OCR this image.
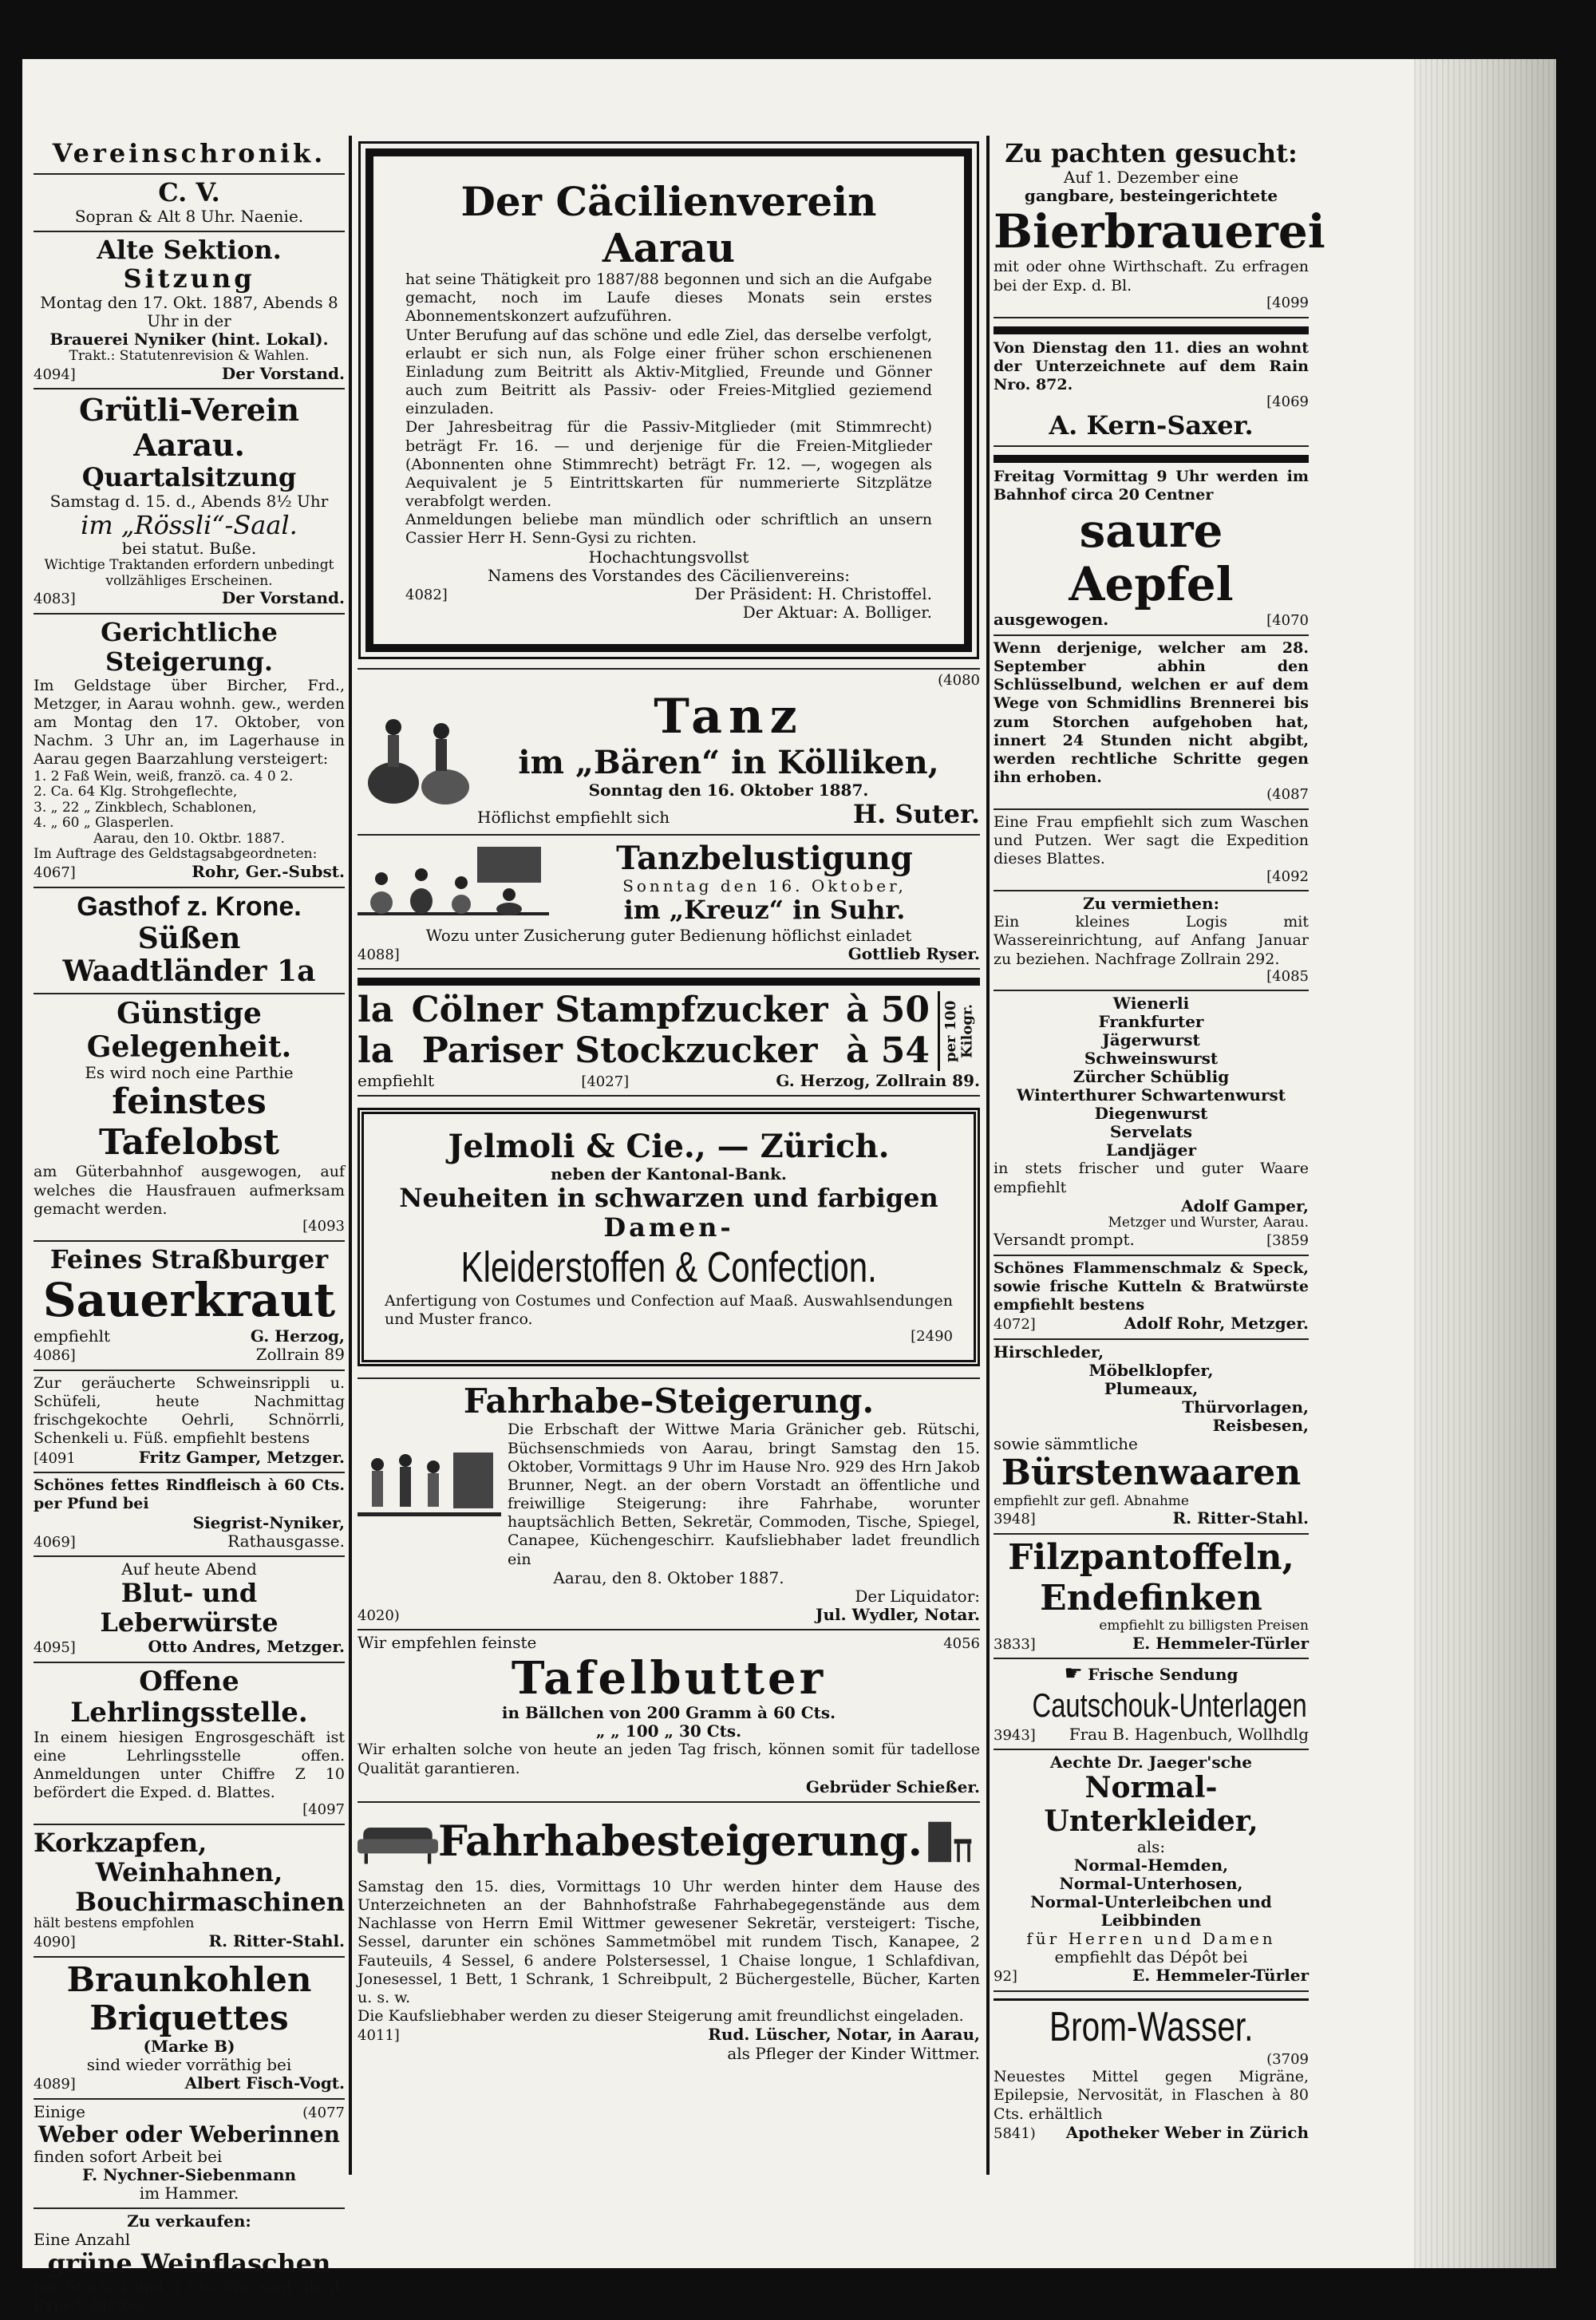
Vereinschronik.
C. V.
Sopran & Alt 8 Uhr. Naenie.
Alte Sektion.
Sitzung
Montag den 17. Okt. 1887, Abends 8 Uhr in der
Brauerei Nyniker (hint. Lokal).
Trakt.: Statutenrevision & Wahlen.
4094]	Der Vorstand.
Grütli-Verein Aarau.
Quartalsitzung
Samstag d. 15. d., Abends 8½ Uhr
im „Rössli“-Saal.
bei statut. Buße.
Wichtige Traktanden erfordern unbedingt vollzähliges Erscheinen.
4083]	Der Vorstand.
Gerichtliche Steigerung.
Im Geldstage über Bircher, Frd., Metzger, in Aarau wohnh. gew., werden am Montag den 17. Oktober, von Nachm. 3 Uhr an, im Lagerhause in Aarau gegen Baarzahlung versteigert:
1. 2 Faß Wein, weiß, franzö. ca. 4 0 2.
2. Ca. 64 Klg. Strohgeflechte,
3. „ 22 „ Zinkblech, Schablonen,
4. „ 60 „ Glasperlen.
Aarau, den 10. Oktbr. 1887.
Im Auftrage des Geldstagsabgeordneten:
4067]	Rohr, Ger.-Subst.
Gasthof z. Krone.
Süßen Waadtländer 1a
Günstige Gelegenheit.
Es wird noch eine Parthie
feinstes Tafelobst
am Güterbahnhof ausgewogen, auf welches die Hausfrauen aufmerksam gemacht werden.
[4093
Feines Straßburger
Sauerkraut
empfiehlt	G. Herzog,
4086]	Zollrain 89
Zur geräucherte Schweinsrippli u. Schüfeli, heute Nachmittag frischgekochte Oehrli, Schnörrli, Schenkeli u. Füß. empfiehlt bestens
[4091	Fritz Gamper, Metzger.
Schönes fettes Rindfleisch à 60 Cts. per Pfund bei
Siegrist-Nyniker,
4069]	Rathausgasse.
Auf heute Abend
Blut- und Leberwürste
4095]	Otto Andres, Metzger.
Offene Lehrlingsstelle.
In einem hiesigen Engrosgeschäft ist eine Lehrlingsstelle offen. Anmeldungen unter Chiffre Z 10 befördert die Exped. d. Blattes.
[4097
Korkzapfen,
Weinhahnen,
Bouchirmaschinen
hält bestens empfohlen
4090]	R. Ritter-Stahl.
Braunkohlen
Briquettes
(Marke B)
sind wieder vorräthig bei
4089]	Albert Fisch-Vogt.
Einige	(4077
Weber oder Weberinnen
finden sofort Arbeit bei
F. Nychner-Siebenmann
im Hammer.
Zu verkaufen:
Eine Anzahl
grüne Weinflaschen
per Stück 4 und 5 Cts. Wo, sagt die d. Exped. Blattes.
Der Cäcilienverein Aarau
hat seine Thätigkeit pro 1887/88 begonnen und sich an die Aufgabe gemacht, noch im Laufe dieses Monats sein erstes Abonnementskonzert aufzuführen.
Unter Berufung auf das schöne und edle Ziel, das derselbe verfolgt, erlaubt er sich nun, als Folge einer früher schon erschienenen Einladung zum Beitritt als Aktiv-Mitglied, Freunde und Gönner auch zum Beitritt als Passiv- oder Freies-Mitglied geziemend einzuladen.
Der Jahresbeitrag für die Passiv-Mitglieder (mit Stimmrecht) beträgt Fr. 16. — und derjenige für die Freien-Mitglieder (Abonnenten ohne Stimmrecht) beträgt Fr. 12. —, wogegen als Aequivalent je 5 Eintrittskarten für nummerierte Sitzplätze verabfolgt werden.
Anmeldungen beliebe man mündlich oder schriftlich an unsern Cassier Herr H. Senn-Gysi zu richten.
Hochachtungsvollst
Namens des Vorstandes des Cäcilienvereins:
4082]	Der Präsident: H. Christoffel.
Der Aktuar: A. Bolliger.
(4080
Tanz
im „Bären“ in Kölliken,
Sonntag den 16. Oktober 1887.
Höflichst empfiehlt sich	H. Suter.
Tanzbelustigung
Sonntag den 16. Oktober,
im „Kreuz“ in Suhr.
Wozu unter Zusicherung guter Bedienung höflichst einladet
4088]	Gottlieb Ryser.
la Cölner Stampfzucker à 50
la Pariser Stockzucker à 54 per 100 Kilogr.
empfiehlt	[4027]	G. Herzog, Zollrain 89.
Jelmoli & Cie., — Zürich.
neben der Kantonal-Bank.
Neuheiten in schwarzen und farbigen
Damen-
Kleiderstoffen & Confection.
Anfertigung von Costumes und Confection auf Maaß. Auswahlsendungen und Muster franco.
[2490
Fahrhabe-Steigerung.
Die Erbschaft der Wittwe Maria Gränicher geb. Rütschi, Büchsenschmieds von Aarau, bringt Samstag den 15. Oktober, Vormittags 9 Uhr im Hause Nro. 929 des Hrn Jakob Brunner, Negt. an der obern Vorstadt an öffentliche und freiwillige Steigerung: ihre Fahrhabe, worunter hauptsächlich Betten, Sekretär, Commoden, Tische, Spiegel, Canapee, Küchengeschirr. Kaufsliebhaber ladet freundlich ein
Aarau, den 8. Oktober 1887.
Der Liquidator:
4020)	Jul. Wydler, Notar.
Wir empfehlen feinste	4056
Tafelbutter
in Bällchen von 200 Gramm à 60 Cts.
„ „ 100 „ 30 Cts.
Wir erhalten solche von heute an jeden Tag frisch, können somit für tadellose Qualität garantieren.
Gebrüder Schießer.
Fahrhabesteigerung.
Samstag den 15. dies, Vormittags 10 Uhr werden hinter dem Hause des Unterzeichneten an der Bahnhofstraße Fahrhabegegenstände aus dem Nachlasse von Herrn Emil Wittmer gewesener Sekretär, versteigert: Tische, Sessel, darunter ein schönes Sammetmöbel mit rundem Tisch, Kanapee, 2 Fauteuils, 4 Sessel, 6 andere Polstersessel, 1 Chaise longue, 1 Schlafdivan, Jonesessel, 1 Bett, 1 Schrank, 1 Schreibpult, 2 Büchergestelle, Bücher, Karten u. s. w.
Die Kaufsliebhaber werden zu dieser Steigerung amit freundlichst eingeladen.
4011]	Rud. Lüscher, Notar, in Aarau,
als Pfleger der Kinder Wittmer.
Zu pachten gesucht:
Auf 1. Dezember eine
gangbare, besteingerichtete
Bierbrauerei
mit oder ohne Wirthschaft. Zu erfragen bei der Exp. d. Bl.
[4099
Von Dienstag den 11. dies an wohnt der Unterzeichnete auf dem Rain Nro. 872.
[4069
A. Kern-Saxer.
Freitag Vormittag 9 Uhr werden im Bahnhof circa 20 Centner
saure Aepfel
ausgewogen.	[4070
Wenn derjenige, welcher am 28. September abhin den Schlüsselbund, welchen er auf dem Wege von Schmidlins Brennerei bis zum Storchen aufgehoben hat, innert 24 Stunden nicht abgibt, werden rechtliche Schritte gegen ihn erhoben.
(4087
Eine Frau empfiehlt sich zum Waschen und Putzen. Wer sagt die Expedition dieses Blattes.
[4092
Zu vermiethen:
Ein kleines Logis mit Wassereinrichtung, auf Anfang Januar zu beziehen. Nachfrage Zollrain 292.
[4085
Wienerli
Frankfurter
Jägerwurst
Schweinswurst
Zürcher Schüblig
Winterthurer Schwartenwurst
Diegenwurst
Servelats
Landjäger
in stets frischer und guter Waare empfiehlt
Adolf Gamper,
Metzger und Wurster, Aarau.
Versandt prompt.	[3859
Schönes Flammenschmalz & Speck, sowie frische Kutteln & Bratwürste empfiehlt bestens
4072]	Adolf Rohr, Metzger.
Hirschleder,
Möbelklopfer,
Plumeaux,
Thürvorlagen,
Reisbesen,
sowie sämmtliche
Bürstenwaaren
empfiehlt zur gefl. Abnahme
3948]	R. Ritter-Stahl.
Filzpantoffeln,
Endefinken
empfiehlt zu billigsten Preisen
3833]	E. Hemmeler-Türler
☛ Frische Sendung
Cautschouk-Unterlagen
3943] Frau B. Hagenbuch, Wollhdlg
Aechte Dr. Jaeger'sche
Normal-Unterkleider,
als:
Normal-Hemden,
Normal-Unterhosen,
Normal-Unterleibchen und
Leibbinden
für Herren und Damen
empfiehlt das Dépôt bei
92]	E. Hemmeler-Türler
Brom-Wasser.
(3709
Neuestes Mittel gegen Migräne, Epilepsie, Nervosität, in Flaschen à 80 Cts. erhältlich
5841) Apotheker Weber in Zürich
